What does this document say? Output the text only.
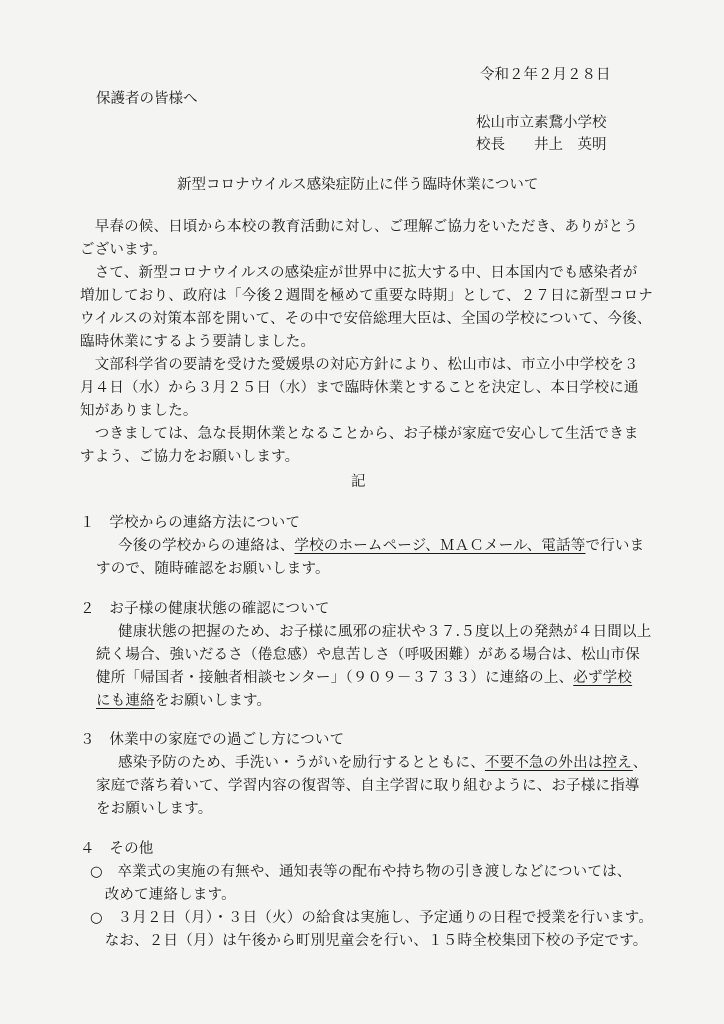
令和２年２月２８日
保護者の皆様へ
松山市立素鵞小学校
校長　　井上　英明
新型コロナウイルス感染症防止に伴う臨時休業について
　早春の候、日頃から本校の教育活動に対し、ご理解ご協力をいただき、ありがとう
ございます。
　さて、新型コロナウイルスの感染症が世界中に拡大する中、日本国内でも感染者が
増加しており、政府は「今後２週間を極めて重要な時期」として、２７日に新型コロナ
ウイルスの対策本部を開いて、その中で安倍総理大臣は、全国の学校について、今後、
臨時休業にするよう要請しました。
　文部科学省の要請を受けた愛媛県の対応方針により、松山市は、市立小中学校を３
月４日（水）から３月２５日（水）まで臨時休業とすることを決定し、本日学校に通
知がありました。
　つきましては、急な長期休業となることから、お子様が家庭で安心して生活できま
すよう、ご協力をお願いします。
記
１　学校からの連絡方法について
今後の学校からの連絡は、学校のホームページ、ＭＡＣメール、電話等で行いま
すので、随時確認をお願いします。
２　お子様の健康状態の確認について
健康状態の把握のため、お子様に風邪の症状や３７.５度以上の発熱が４日間以上
続く場合、強いだるさ（倦怠感）や息苦しさ（呼吸困難）がある場合は、松山市保
健所「帰国者・接触者相談センター」（９０９－３７３３）に連絡の上、必ず学校
にも連絡をお願いします。
３　休業中の家庭での過ごし方について
感染予防のため、手洗い・うがいを励行するとともに、不要不急の外出は控え、
家庭で落ち着いて、学習内容の復習等、自主学習に取り組むように、お子様に指導
をお願いします。
４　その他
○　卒業式の実施の有無や、通知表等の配布や持ち物の引き渡しなどについては、
　改めて連絡します。
○　３月２日（月）・３日（火）の給食は実施し、予定通りの日程で授業を行います。
　なお、２日（月）は午後から町別児童会を行い、１５時全校集団下校の予定です。
